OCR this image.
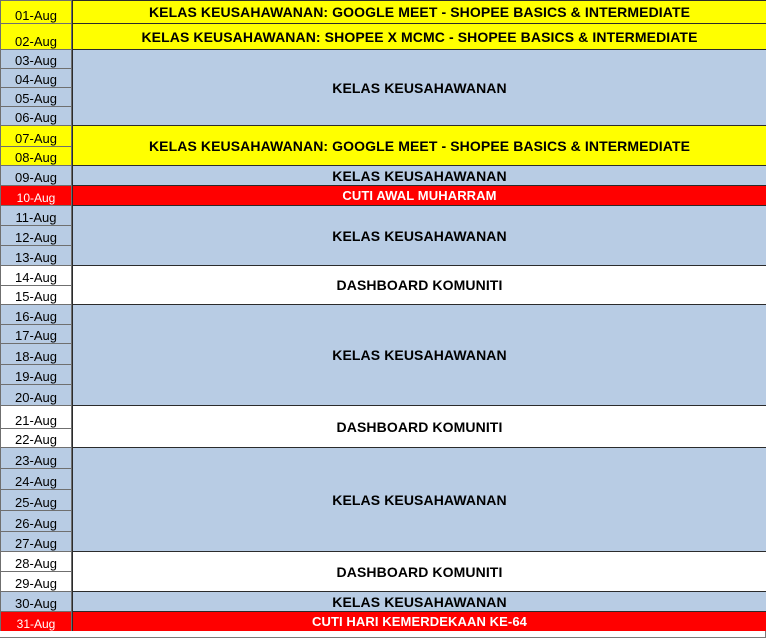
01-Aug
02-Aug
03-Aug
04-Aug
05-Aug
06-Aug
07-Aug
08-Aug
09-Aug
10-Aug
11-Aug
12-Aug
13-Aug
14-Aug
15-Aug
16-Aug
17-Aug
18-Aug
19-Aug
20-Aug
21-Aug
22-Aug
23-Aug
24-Aug
25-Aug
26-Aug
27-Aug
28-Aug
29-Aug
30-Aug
31-Aug
KELAS KEUSAHAWANAN: GOOGLE MEET - SHOPEE BASICS & INTERMEDIATE
KELAS KEUSAHAWANAN: SHOPEE X MCMC - SHOPEE BASICS & INTERMEDIATE
KELAS KEUSAHAWANAN
KELAS KEUSAHAWANAN: GOOGLE MEET - SHOPEE BASICS & INTERMEDIATE
KELAS KEUSAHAWANAN
CUTI AWAL MUHARRAM
KELAS KEUSAHAWANAN
DASHBOARD KOMUNITI
KELAS KEUSAHAWANAN
DASHBOARD KOMUNITI
KELAS KEUSAHAWANAN
DASHBOARD KOMUNITI
KELAS KEUSAHAWANAN
CUTI HARI KEMERDEKAAN KE-64
